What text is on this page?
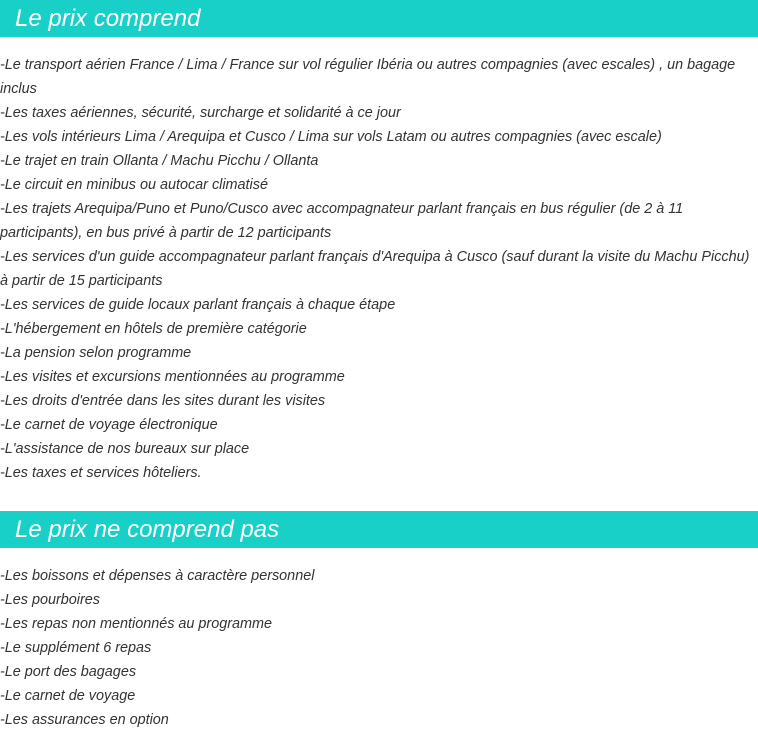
Le prix comprend
- Le transport aérien France / Lima / France sur vol régulier Ibéria ou autres compagnies (avec escales) , un bagage inclus
- Les taxes aériennes, sécurité, surcharge et solidarité à ce jour
- Les vols intérieurs Lima / Arequipa et Cusco / Lima sur vols Latam ou autres compagnies (avec escale)
- Le trajet en train Ollanta / Machu Picchu / Ollanta
- Le circuit en minibus ou autocar climatisé
- Les trajets Arequipa/Puno et Puno/Cusco avec accompagnateur parlant français en bus régulier (de 2 à 11 participants), en bus privé à partir de 12 participants
- Les services d'un guide accompagnateur parlant français d'Arequipa à Cusco (sauf durant la visite du Machu Picchu) à partir de 15 participants
- Les services de guide locaux parlant français à chaque étape
- L'hébergement en hôtels de première catégorie
- La pension selon programme
- Les visites et excursions mentionnées au programme
- Les droits d'entrée dans les sites durant les visites
- Le carnet de voyage électronique
- L'assistance de nos bureaux sur place
- Les taxes et services hôteliers.
Le prix ne comprend pas
- Les boissons et dépenses à caractère personnel
- Les pourboires
- Les repas non mentionnés au programme
- Le supplément 6 repas
- Le port des bagages
- Le carnet de voyage
- Les assurances en option
